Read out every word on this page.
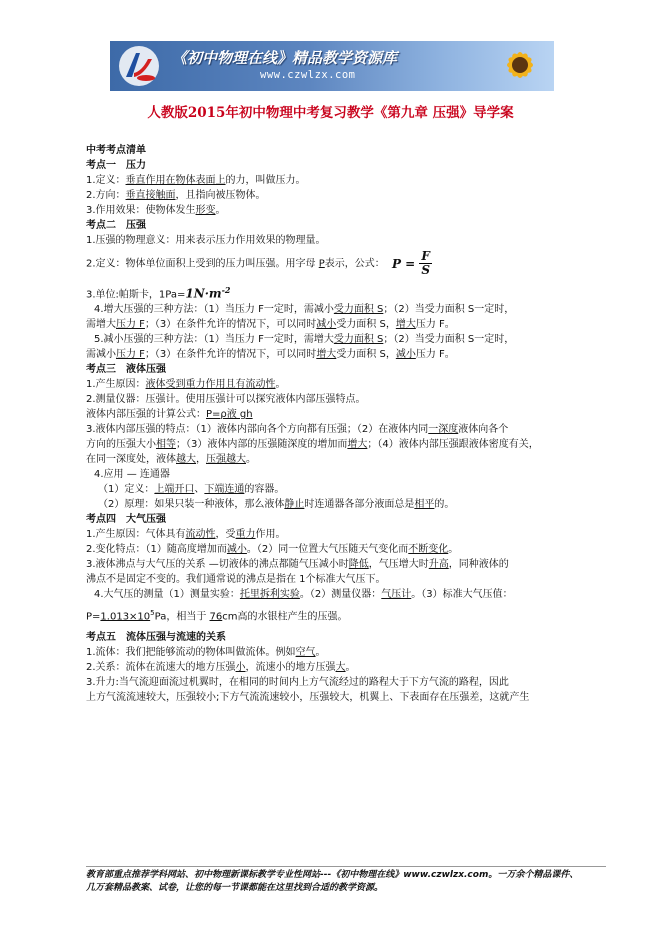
《初中物理在线》精品教学资源库
www.czwlzx.com
人教版2015年初中物理中考复习教学《第九章 压强》导学案
中考考点清单
考点一 压力
1.定义：垂直作用在物体表面上的力，叫做压力。
2.方向：垂直接触面，且指向被压物体。
3.作用效果：使物体发生形变。
考点二 压强
1.压强的物理意义：用来表示压力作用效果的物理量。
2.定义：物体单位面积上受到的压力叫压强。用字母 P表示，公式： $P = \frac{F}{S}$
3.单位:帕斯卡，$1Pa=1N\cdot m^{-2}$
4.增大压强的三种方法：（1）当压力 F一定时，需减小受力面积 S；（2）当受力面积 S一定时，
需增大压力 F；（3）在条件允许的情况下，可以同时减小受力面积 S，增大压力 F。
5.减小压强的三种方法：（1）当压力 F一定时，需增大受力面积 S；（2）当受力面积 S一定时，
需减小压力 F；（3）在条件允许的情况下，可以同时增大受力面积 S，减小压力 F。
考点三 液体压强
1.产生原因：液体受到重力作用且有流动性。
2.测量仪器：压强计。使用压强计可以探究液体内部压强特点。
液体内部压强的计算公式：P=ρ液 gh
3.液体内部压强的特点：（1）液体内部向各个方向都有压强；（2）在液体内同一深度液体向各个
方向的压强大小相等；（3）液体内部的压强随深度的增加而增大；（4）液体内部压强跟液体密度有关，
在同一深度处，液体越大，压强越大。
4.应用 — 连通器
（1）定义：上端开口、下端连通的容器。
（2）原理：如果只装一种液体，那么液体静止时连通器各部分液面总是相平的。
考点四 大气压强
1.产生原因：气体具有流动性，受重力作用。
2.变化特点：（1）随高度增加而减小。（2）同一位置大气压随天气变化而不断变化。
3.液体沸点与大气压的关系 —切液体的沸点都随气压减小时降低，气压增大时升高，同种液体的
沸点不是固定不变的。我们通常说的沸点是指在 1个标准大气压下。
4.大气压的测量（1）测量实验：托里拆利实验。（2）测量仪器：气压计。（3）标准大气压值：
$P=1.013\times 10^5Pa$，相当于 76cm高的水银柱产生的压强。
考点五 流体压强与流速的关系
1.流体：我们把能够流动的物体叫做流体。例如空气。
2.关系：流体在流速大的地方压强小，流速小的地方压强大。
3.升力:当气流迎面流过机翼时，在相同的时间内上方气流经过的路程大于下方气流的路程，因此
上方气流流速较大，压强较小;下方气流流速较小，压强较大，机翼上、下表面存在压强差，这就产生
教育部重点推荐学科网站、初中物理新课标教学专业性网站---《初中物理在线》www.czwlzx.com。一万余个精品课件、
几万套精品教案、试卷，让您的每一节课都能在这里找到合适的教学资源。
